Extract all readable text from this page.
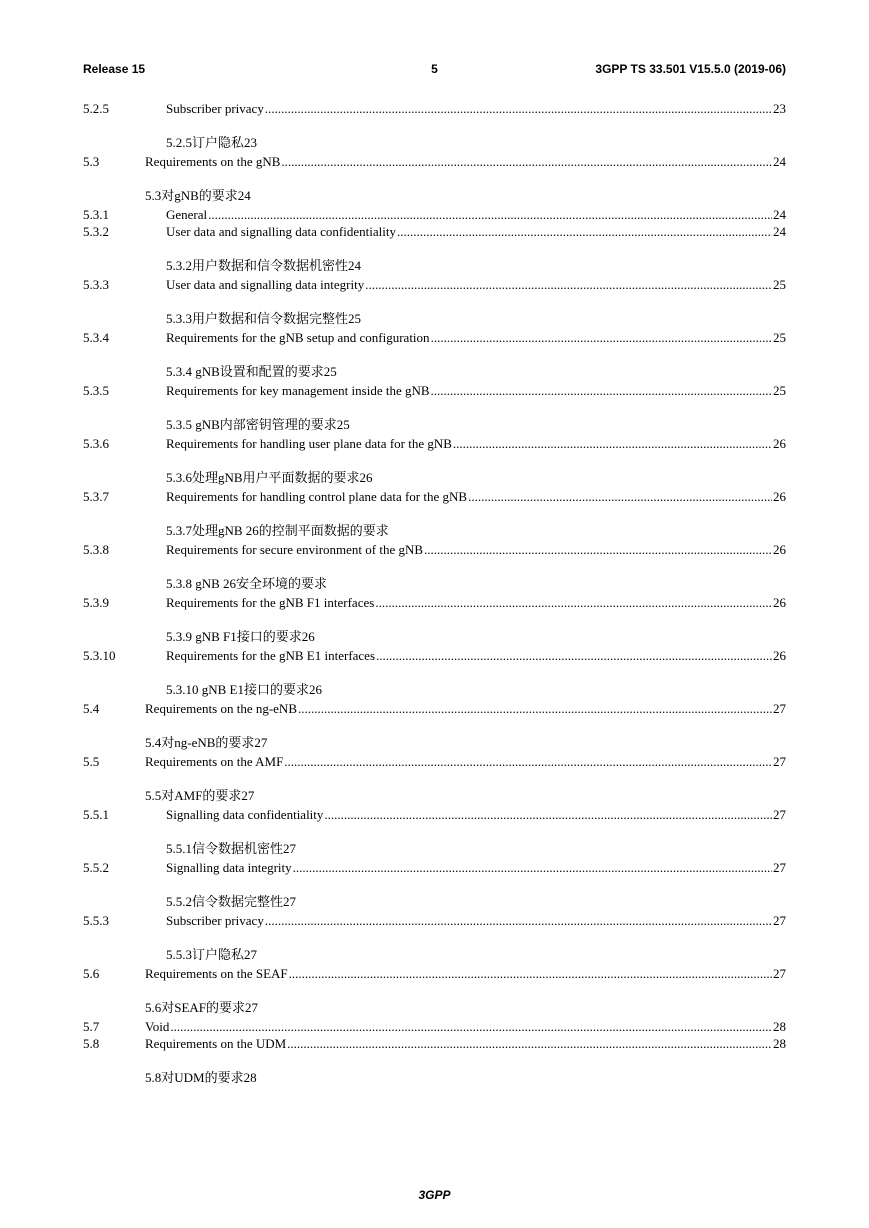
Release 15	5	3GPP TS 33.501 V15.5.0 (2019-06)
5.2.5	Subscriber privacy .....	23
5.2.5订户隐私23
5.3	Requirements on the gNB .....	24
5.3对gNB的要求24
5.3.1	General .....	24
5.3.2	User data and signalling data confidentiality .....	24
5.3.2用户数据和信令数据机密性24
5.3.3	User data and signalling data integrity .....	25
5.3.3用户数据和信令数据完整性25
5.3.4	Requirements for the gNB setup and configuration .....	25
5.3.4 gNB设置和配置的要求25
5.3.5	Requirements for key management inside the gNB .....	25
5.3.5 gNB内部密钥管理的要求25
5.3.6	Requirements for handling user plane data for the gNB .....	26
5.3.6处理gNB用户平面数据的要求26
5.3.7	Requirements for handling control plane data for the gNB .....	26
5.3.7处理gNB 26的控制平面数据的要求
5.3.8	Requirements for secure environment of the gNB .....	26
5.3.8 gNB 26安全环境的要求
5.3.9	Requirements for the gNB F1 interfaces .....	26
5.3.9 gNB F1接口的要求26
5.3.10	Requirements for the gNB E1 interfaces .....	26
5.3.10 gNB E1接口的要求26
5.4	Requirements on the ng-eNB .....	27
5.4对ng-eNB的要求27
5.5	Requirements on the AMF .....	27
5.5对AMF的要求27
5.5.1	Signalling data confidentiality .....	27
5.5.1信令数据机密性27
5.5.2	Signalling data integrity .....	27
5.5.2信令数据完整性27
5.5.3	Subscriber privacy .....	27
5.5.3订户隐私27
5.6	Requirements on the SEAF .....	27
5.6对SEAF的要求27
5.7	Void .....	28
5.8	Requirements on the UDM .....	28
5.8对UDM的要求28
3GPP
